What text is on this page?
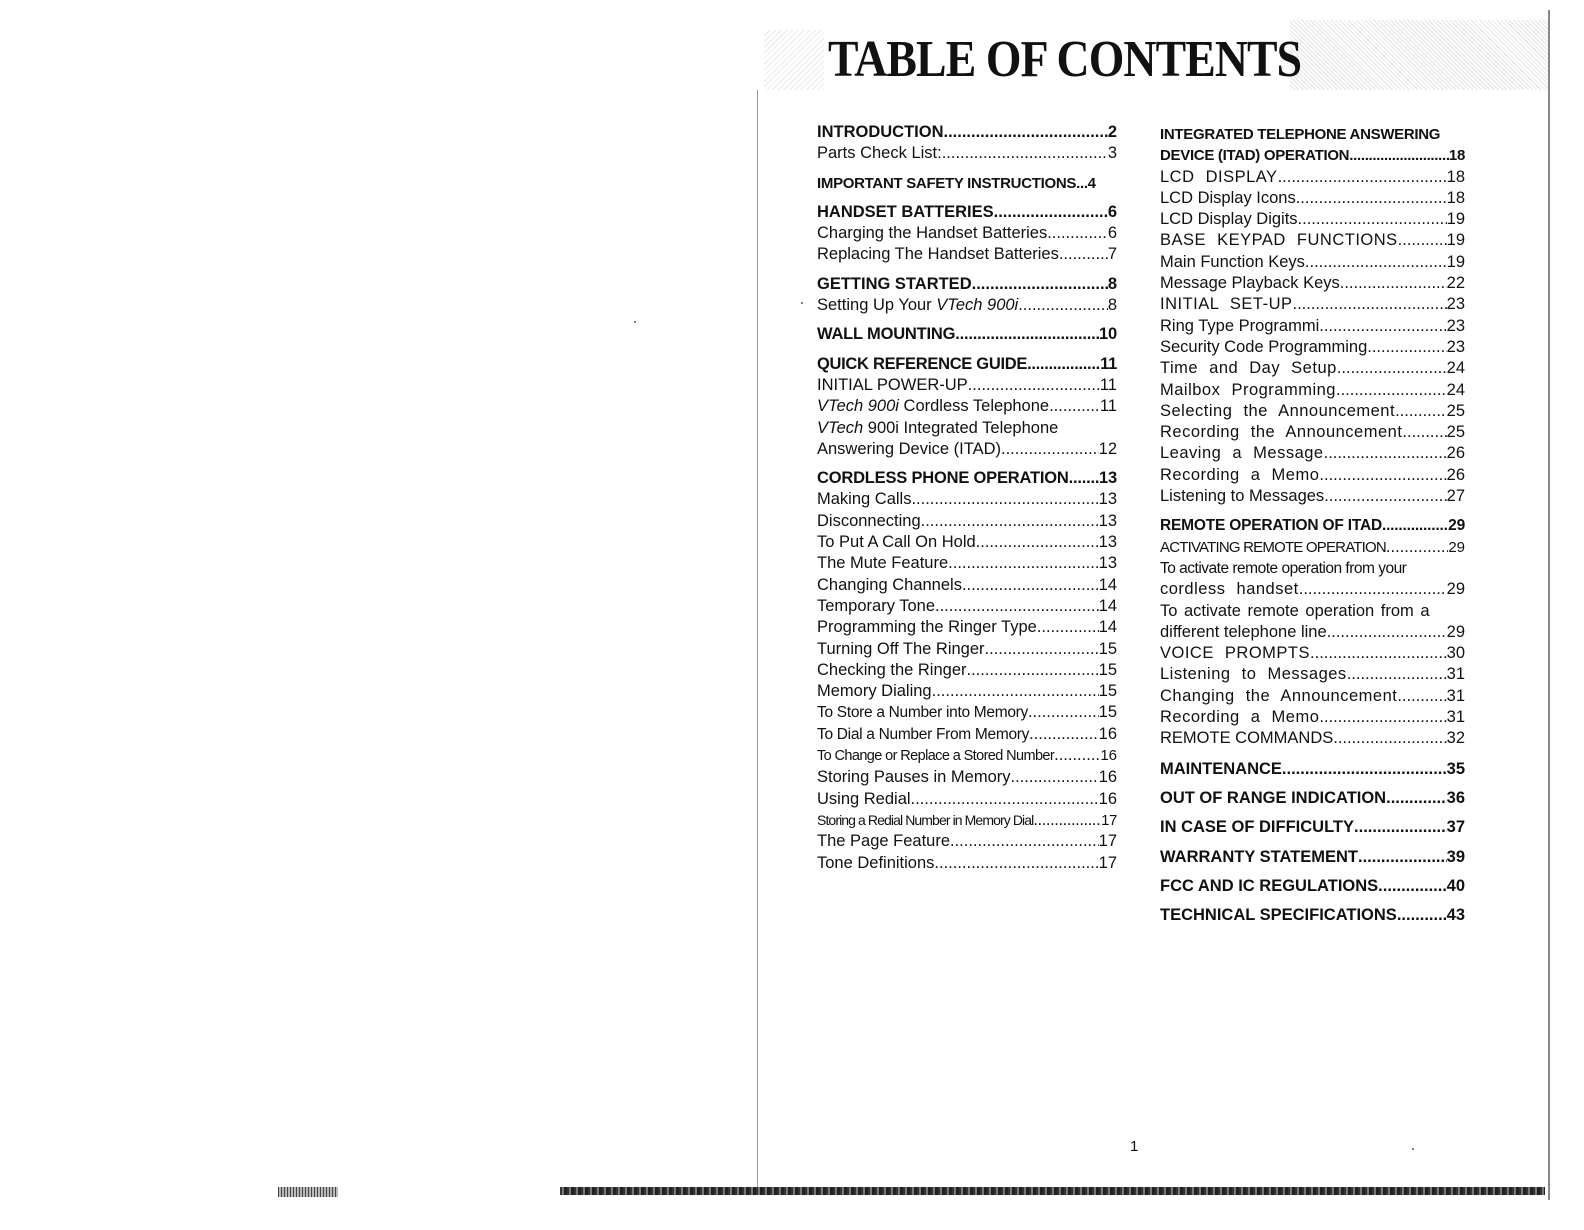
TABLE OF CONTENTS
INTRODUCTION .....	2
Parts Check List: .....	3
IMPORTANT SAFETY INSTRUCTIONS...4
HANDSET BATTERIES .....	6
Charging the Handset Batteries .....	6
Replacing The Handset Batteries .....	7
GETTING STARTED .....	8
Setting Up Your VTech 900i .....	8
WALL MOUNTING .....	10
QUICK REFERENCE GUIDE .....	11
INITIAL POWER-UP .....	11
VTech 900i Cordless Telephone .....	11
VTech 900i Integrated Telephone
Answering Device (ITAD) .....	12
CORDLESS PHONE OPERATION ..... 13
Making Calls .....	13
Disconnecting .....	13
To Put A Call On Hold .....	13
The Mute Feature .....	13
Changing Channels .....	14
Temporary Tone .....	14
Programming the Ringer Type .....	14
Turning Off The Ringer .....	15
Checking the Ringer .....	15
Memory Dialing .....	15
To Store a Number into Memory .....	15
To Dial a Number From Memory .....	16
To Change or Replace a Stored Number .....	16
Storing Pauses in Memory .....	16
Using Redial .....	16
Storing a Redial Number in Memory Dial .....	17
The Page Feature .....	17
Tone Definitions .....	17
INTEGRATED TELEPHONE ANSWERING
DEVICE (ITAD) OPERATION .....	18
LCD DISPLAY .....	18
LCD Display Icons .....	18
LCD Display Digits .....	19
BASE KEYPAD FUNCTIONS .....	19
Main Function Keys .....	19
Message Playback Keys .....	22
INITIAL SET-UP .....	23
Ring Type Programmi .....	23
Security Code Programming .....	23
Time and Day Setup .....	24
Mailbox Programming .....	24
Selecting the Announcement .....	25
Recording the Announcement .....	25
Leaving a Message .....	26
Recording a Memo .....	26
Listening to Messages .....	27
REMOTE OPERATION OF ITAD .....	29
ACTIVATING REMOTE OPERATION .....	29
To activate remote operation from your
cordless handset .....	29
To activate remote operation from a
different telephone line .....	29
VOICE PROMPTS .....	30
Listening to Messages .....	31
Changing the Announcement .....	31
Recording a Memo .....	31
REMOTE COMMANDS .....	32
MAINTENANCE .....	35
OUT OF RANGE INDICATION .....	36
IN CASE OF DIFFICULTY .....	37
WARRANTY STATEMENT .....	39
FCC AND IC REGULATIONS .....	40
TECHNICAL SPECIFICATIONS .....	43
1
